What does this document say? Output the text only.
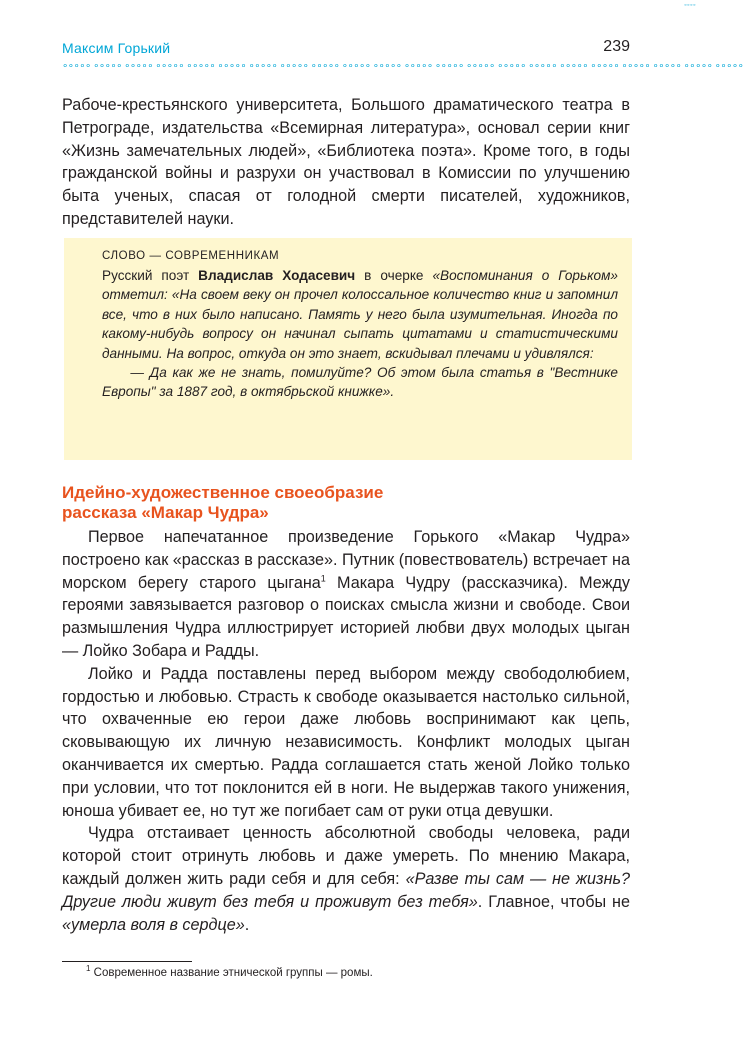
◦◦◦◦
Максим Горький	239
∘∘∘∘∘ ∘∘∘∘∘ ∘∘∘∘∘ ∘∘∘∘∘ ∘∘∘∘∘ ∘∘∘∘∘ ∘∘∘∘∘ ∘∘∘∘∘ ∘∘∘∘∘ ∘∘∘∘∘ ∘∘∘∘∘ ∘∘∘∘∘ ∘∘∘∘∘ ∘∘∘∘∘ ∘∘∘∘∘ ∘∘∘∘∘ ∘∘∘∘∘ ∘∘∘∘∘ ∘∘∘∘∘ ∘∘∘∘∘ ∘∘∘∘∘ ∘∘∘∘∘

Рабоче-крестьянского университета, Большого драматического театра в Петрограде, издательства «Всемирная литература», основал серии книг «Жизнь замечательных людей», «Библиотека поэта». Кроме того, в годы гражданской войны и разрухи он участвовал в Комиссии по улучшению быта ученых, спасая от голодной смерти писателей, художников, представителей науки.

СЛОВО — СОВРЕМЕННИКАМ

Русский поэт Владислав Ходасевич в очерке «Воспоминания о Горьком» отметил: «На своем веку он прочел колоссальное количество книг и запомнил все, что в них было написано. Память у него была изумительная. Иногда по какому-нибудь вопросу он начинал сыпать цитатами и статистическими данными. На вопрос, откуда он это знает, вскидывал плечами и удивлялся:

— Да как же не знать, помилуйте? Об этом была статья в "Вестнике Европы" за 1887 год, в октябрьской книжке».

Идейно-художественное своеобразие
рассказа «Макар Чудра»

Первое напечатанное произведение Горького «Макар Чудра» построено как «рассказ в рассказе». Путник (повествователь) встречает на морском берегу старого цыгана$^1$ Макара Чудру (рассказчика). Между героями завязывается разговор о поисках смысла жизни и свободе. Свои размышления Чудра иллюстрирует историей любви двух молодых цыган — Лойко Зобара и Радды.

Лойко и Радда поставлены перед выбором между свободолюбием, гордостью и любовью. Страсть к свободе оказывается настолько сильной, что охваченные ею герои даже любовь воспринимают как цепь, сковывающую их личную независимость. Конфликт молодых цыган оканчивается их смертью. Радда соглашается стать женой Лойко только при условии, что тот поклонится ей в ноги. Не выдержав такого унижения, юноша убивает ее, но тут же погибает сам от руки отца девушки.

Чудра отстаивает ценность абсолютной свободы человека, ради которой стоит отринуть любовь и даже умереть. По мнению Макара, каждый должен жить ради себя и для себя: «Разве ты сам — не жизнь? Другие люди живут без тебя и проживут без тебя». Главное, чтобы не «умерла воля в сердце».

$^1$ Современное название этнической группы — ромы.
